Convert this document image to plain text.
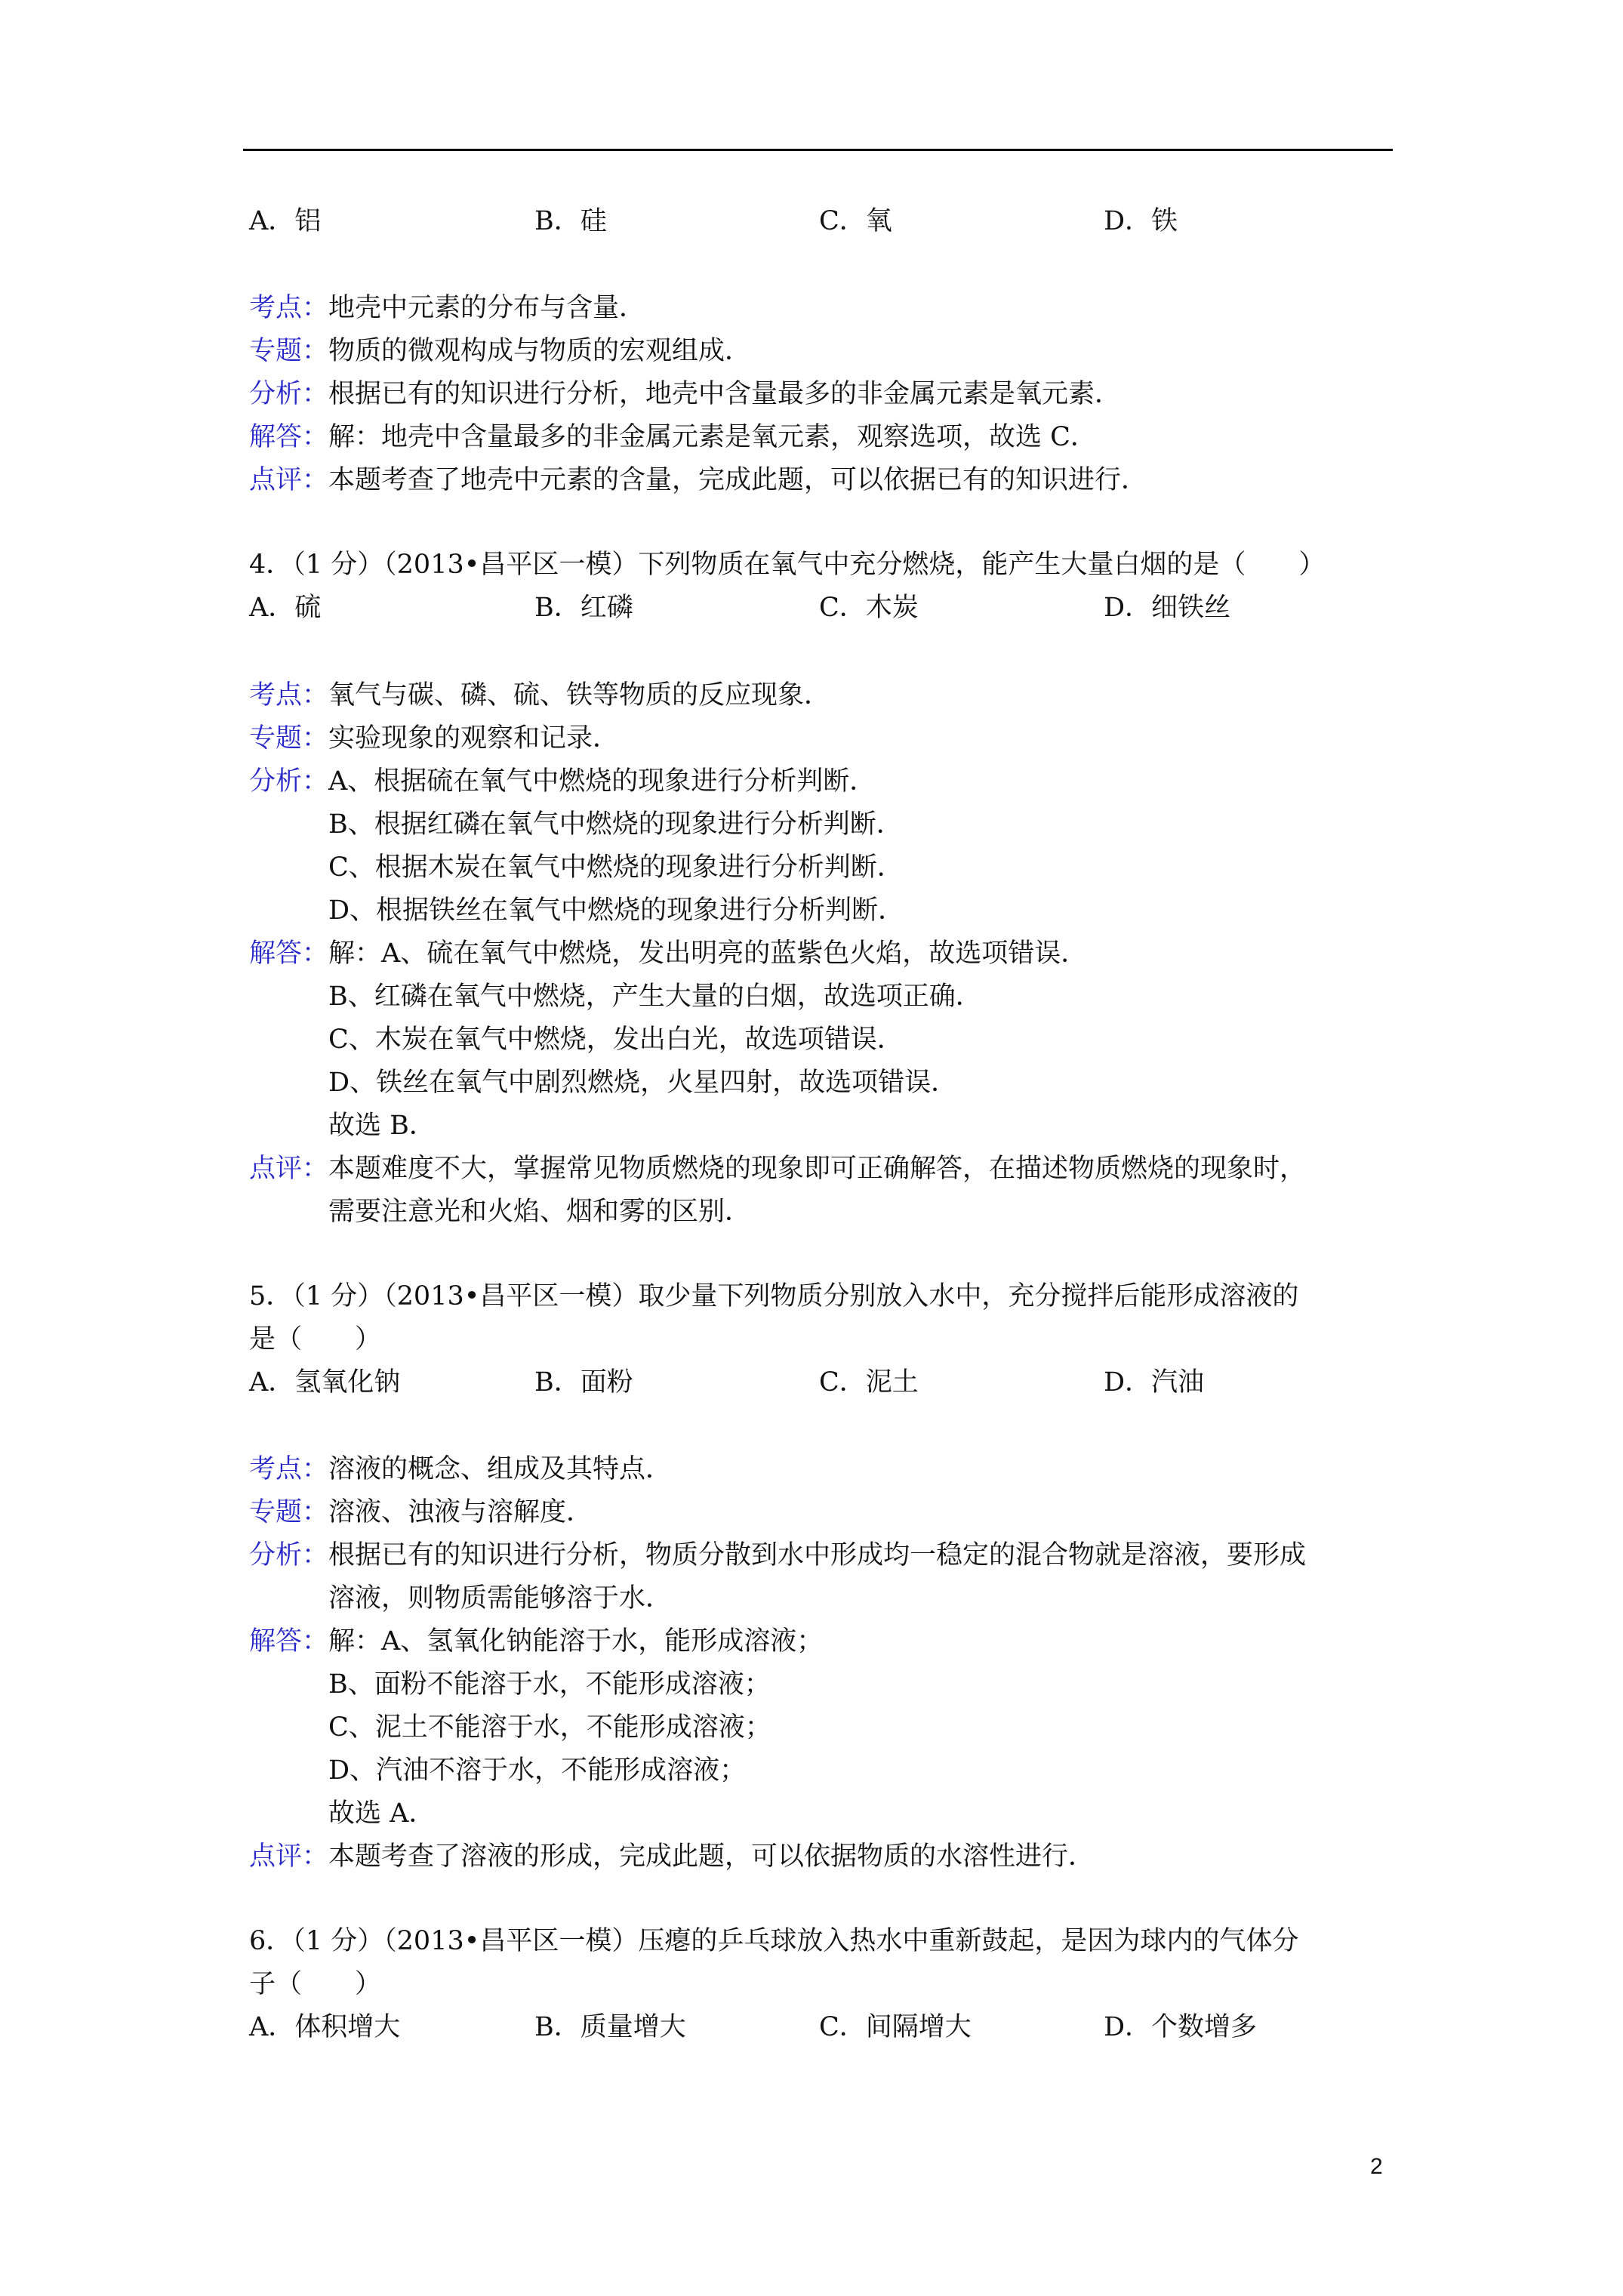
A．铝	B．硅	C．氧	D．铁
考点：地壳中元素的分布与含量．
专题：物质的微观构成与物质的宏观组成．
分析：根据已有的知识进行分析，地壳中含量最多的非金属元素是氧元素．
解答：解：地壳中含量最多的非金属元素是氧元素，观察选项，故选 C．
点评：本题考查了地壳中元素的含量，完成此题，可以依据已有的知识进行．
4．（1 分）（2013•昌平区一模）下列物质在氧气中充分燃烧，能产生大量白烟的是（　　）
A．硫	B．红磷	C．木炭	D．细铁丝
考点：氧气与碳、磷、硫、铁等物质的反应现象．
专题：实验现象的观察和记录．
分析：A、根据硫在氧气中燃烧的现象进行分析判断．
B、根据红磷在氧气中燃烧的现象进行分析判断．
C、根据木炭在氧气中燃烧的现象进行分析判断．
D、根据铁丝在氧气中燃烧的现象进行分析判断．
解答：解：A、硫在氧气中燃烧，发出明亮的蓝紫色火焰，故选项错误．
B、红磷在氧气中燃烧，产生大量的白烟，故选项正确．
C、木炭在氧气中燃烧，发出白光，故选项错误．
D、铁丝在氧气中剧烈燃烧，火星四射，故选项错误．
故选 B．
点评：本题难度不大，掌握常见物质燃烧的现象即可正确解答，在描述物质燃烧的现象时，
需要注意光和火焰、烟和雾的区别．
5．（1 分）（2013•昌平区一模）取少量下列物质分别放入水中，充分搅拌后能形成溶液的
是（　　）
A．氢氧化钠	B．面粉	C．泥土	D．汽油
考点：溶液的概念、组成及其特点．
专题：溶液、浊液与溶解度．
分析：根据已有的知识进行分析，物质分散到水中形成均一稳定的混合物就是溶液，要形成
溶液，则物质需能够溶于水．
解答：解：A、氢氧化钠能溶于水，能形成溶液；
B、面粉不能溶于水，不能形成溶液；
C、泥土不能溶于水，不能形成溶液；
D、汽油不溶于水，不能形成溶液；
故选 A．
点评：本题考查了溶液的形成，完成此题，可以依据物质的水溶性进行．
6．（1 分）（2013•昌平区一模）压瘪的乒乓球放入热水中重新鼓起，是因为球内的气体分
子（　　）
A．体积增大	B．质量增大	C．间隔增大	D．个数增多
2
